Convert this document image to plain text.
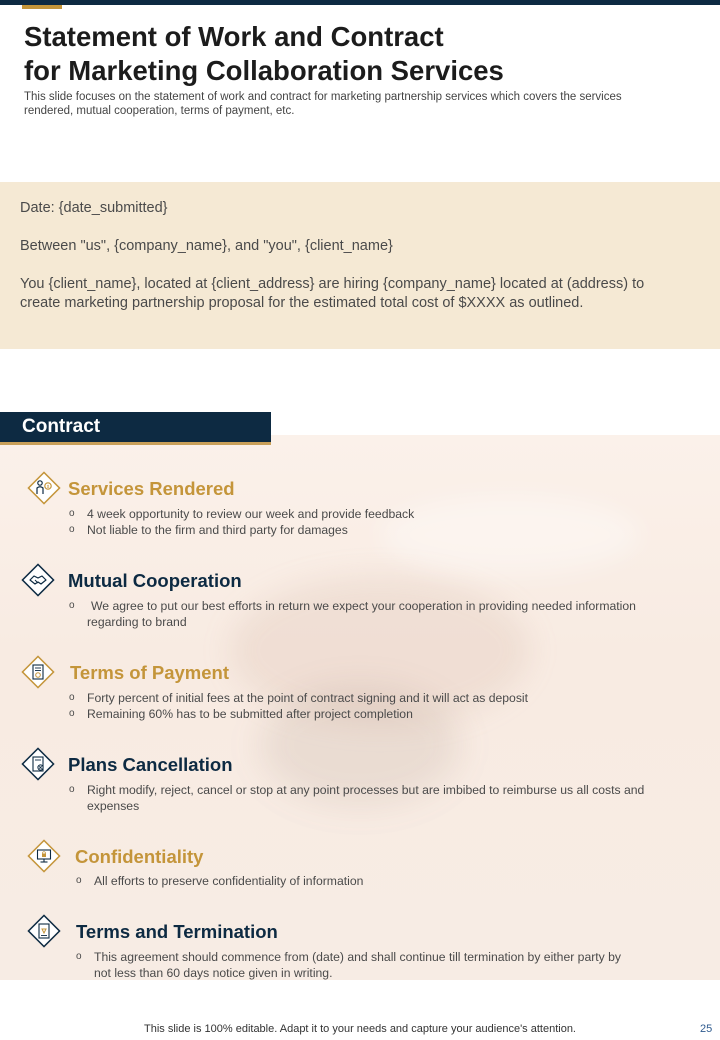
Statement of Work and Contract
for Marketing Collaboration Services
This slide focuses on the statement of work and contract for marketing partnership services which covers the services rendered, mutual cooperation, terms of payment, etc.
Date: {date_submitted}
Between "us", {company_name}, and "you", {client_name}
You {client_name}, located at {client_address} are hiring {company_name} located at (address) to create marketing partnership proposal for the estimated total cost of $XXXX as outlined.
Contract
$ Services Rendered
o 4 week opportunity to review our week and provide feedback
o Not liable to the firm and third party for damages
Mutual Cooperation
o We agree to put our best efforts in return we expect your cooperation in providing needed information regarding to brand
Terms of Payment
o Forty percent of initial fees at the point of contract signing and it will act as deposit
o Remaining 60% has to be submitted after project completion
Plans Cancellation
o Right modify, reject, cancel or stop at any point processes but are imbibed to reimburse us all costs and expenses
Confidentiality
o All efforts to preserve confidentiality of information
Terms and Termination
o This agreement should commence from (date) and shall continue till termination by either party by not less than 60 days notice given in writing.
This slide is 100% editable. Adapt it to your needs and capture your audience's attention.	25
